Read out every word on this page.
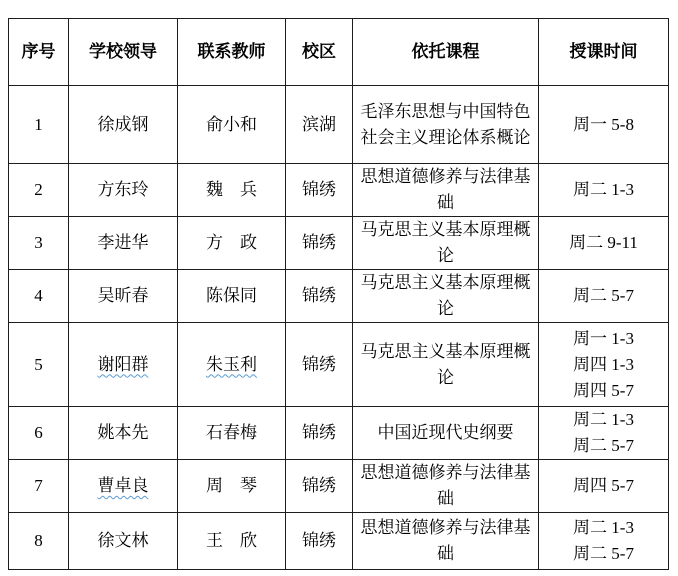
序号	学校领导	联系教师	校区	依托课程	授课时间
1	徐成钢	俞小和	滨湖	毛泽东思想与中国特色社会主义理论体系概论	周一 5-8

2	方东玲	魏　兵	锦绣	思想道德修养与法律基础	周二 1-3

3	李进华	方　政	锦绣	马克思主义基本原理概论	周二 9-11

4	吴昕春	陈保同	锦绣	马克思主义基本原理概论	周二 5-7

5	谢阳群	朱玉利	锦绣	马克思主义基本原理概论	周一 1-3
周四 1-3
周四 5-7

6	姚本先	石春梅	锦绣	中国近现代史纲要	周二 1-3
周二 5-7

7	曹卓良	周　琴	锦绣	思想道德修养与法律基础	周四 5-7

8	徐文林	王　欣	锦绣	思想道德修养与法律基础	周二 1-3
周二 5-7
